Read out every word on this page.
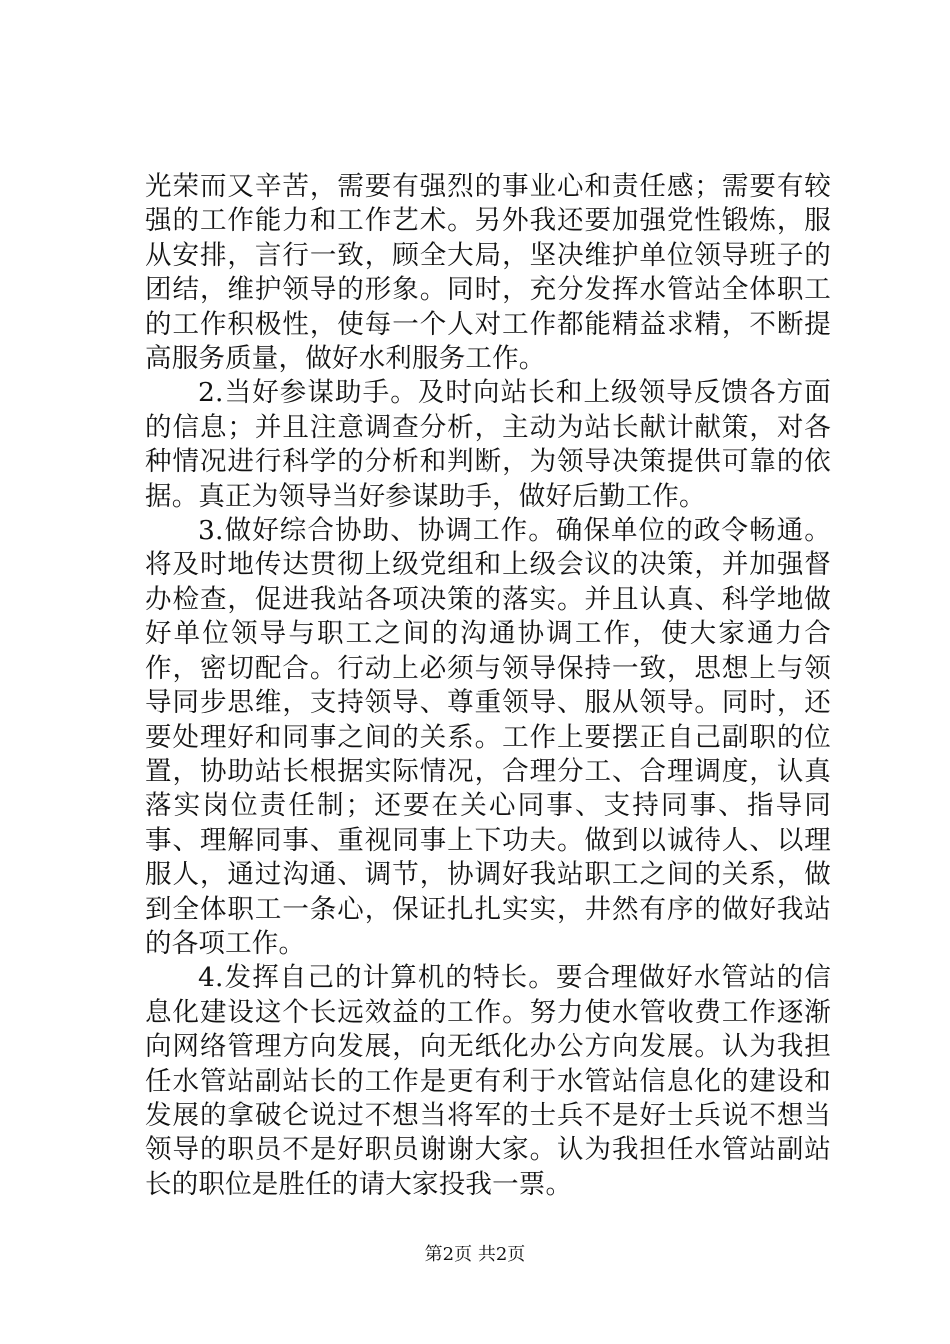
光荣而又辛苦，需要有强烈的事业心和责任感；需要有较强的工作能力和工作艺术。另外我还要加强党性锻炼，服从安排，言行一致，顾全大局，坚决维护单位领导班子的团结，维护领导的形象。同时，充分发挥水管站全体职工的工作积极性，使每一个人对工作都能精益求精，不断提高服务质量，做好水利服务工作。

2.当好参谋助手。及时向站长和上级领导反馈各方面的信息；并且注意调查分析，主动为站长献计献策，对各种情况进行科学的分析和判断，为领导决策提供可靠的依据。真正为领导当好参谋助手，做好后勤工作。

3.做好综合协助、协调工作。确保单位的政令畅通。将及时地传达贯彻上级党组和上级会议的决策，并加强督办检查，促进我站各项决策的落实。并且认真、科学地做好单位领导与职工之间的沟通协调工作，使大家通力合作，密切配合。行动上必须与领导保持一致，思想上与领导同步思维，支持领导、尊重领导、服从领导。同时，还要处理好和同事之间的关系。工作上要摆正自己副职的位置，协助站长根据实际情况，合理分工、合理调度，认真落实岗位责任制；还要在关心同事、支持同事、指导同事、理解同事、重视同事上下功夫。做到以诚待人、以理服人，通过沟通、调节，协调好我站职工之间的关系，做到全体职工一条心，保证扎扎实实，井然有序的做好我站的各项工作。

4.发挥自己的计算机的特长。要合理做好水管站的信息化建设这个长远效益的工作。努力使水管收费工作逐渐向网络管理方向发展，向无纸化办公方向发展。认为我担任水管站副站长的工作是更有利于水管站信息化的建设和发展的拿破仑说过不想当将军的士兵不是好士兵说不想当领导的职员不是好职员谢谢大家。认为我担任水管站副站长的职位是胜任的请大家投我一票。

第2页 共2页
